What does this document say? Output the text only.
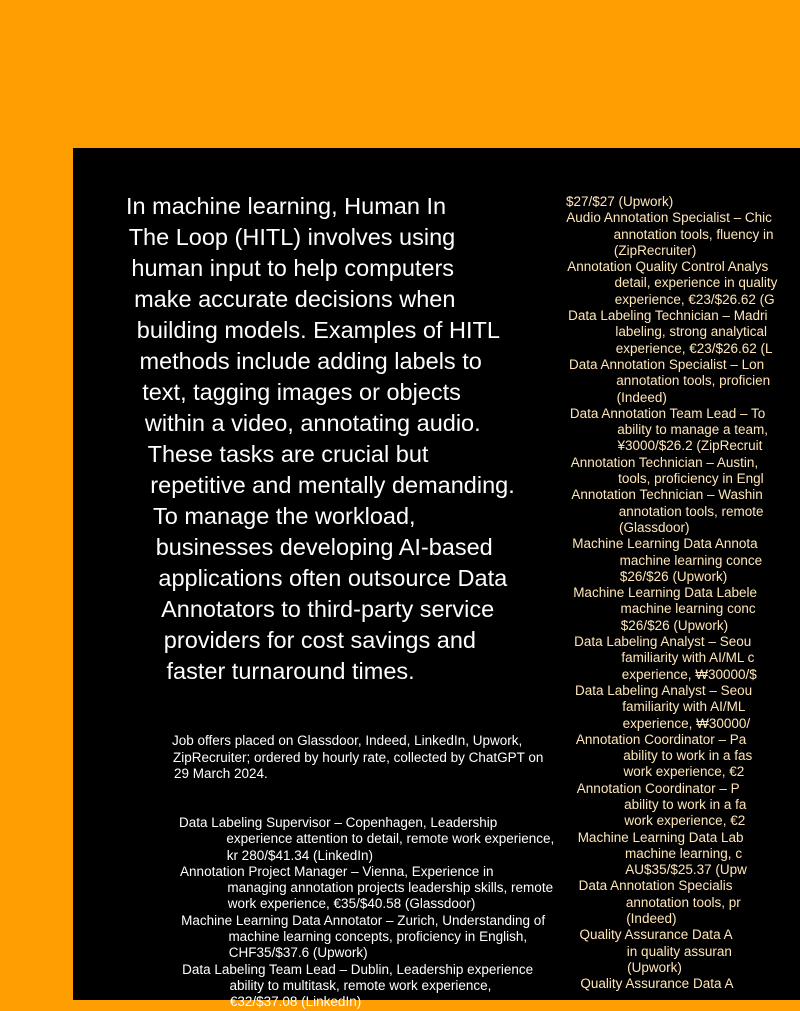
In machine learning, Human In
The Loop (HITL) involves using
human input to help computers
make accurate decisions when
building models. Examples of HITL
methods include adding labels to
text, tagging images or objects
within a video, annotating audio.
These tasks are crucial but
repetitive and mentally demanding.
To manage the workload,
businesses developing AI-based
applications often outsource Data
Annotators to third-party service
providers for cost savings and
faster turnaround times.
Job offers placed on Glassdoor, Indeed, LinkedIn, Upwork,
ZipRecruiter; ordered by hourly rate, collected by ChatGPT on
29 March 2024.
Data Labeling Supervisor – Copenhagen, Leadership
experience attention to detail, remote work experience,
kr 280/$41.34 (LinkedIn)
Annotation Project Manager – Vienna, Experience in
managing annotation projects leadership skills, remote
work experience, €35/$40.58 (Glassdoor)
Machine Learning Data Annotator – Zurich, Understanding of
machine learning concepts, proficiency in English,
CHF35/$37.6 (Upwork)
Data Labeling Team Lead – Dublin, Leadership experience
ability to multitask, remote work experience,
€32/$37.08 (LinkedIn)
$27/$27 (Upwork)
Audio Annotation Specialist – Chic
annotation tools, fluency in
(ZipRecruiter)
Annotation Quality Control Analys
detail, experience in quality
experience, €23/$26.62 (G
Data Labeling Technician – Madri
labeling, strong analytical
experience, €23/$26.62 (L
Data Annotation Specialist – Lon
annotation tools, proficien
(Indeed)
Data Annotation Team Lead – To
ability to manage a team,
¥3000/$26.2 (ZipRecruit
Annotation Technician – Austin,
tools, proficiency in Engl
Annotation Technician – Washin
annotation tools, remote
(Glassdoor)
Machine Learning Data Annota
machine learning conce
$26/$26 (Upwork)
Machine Learning Data Labele
machine learning conc
$26/$26 (Upwork)
Data Labeling Analyst – Seou
familiarity with AI/ML c
experience, ₩30000/$
Data Labeling Analyst – Seou
familiarity with AI/ML
experience, ₩30000/
Annotation Coordinator – Pa
ability to work in a fas
work experience, €2
Annotation Coordinator – P
ability to work in a fa
work experience, €2
Machine Learning Data Lab
machine learning, c
AU$35/$25.37 (Upw
Data Annotation Specialis
annotation tools, pr
(Indeed)
Quality Assurance Data A
in quality assuran
(Upwork)
Quality Assurance Data A
